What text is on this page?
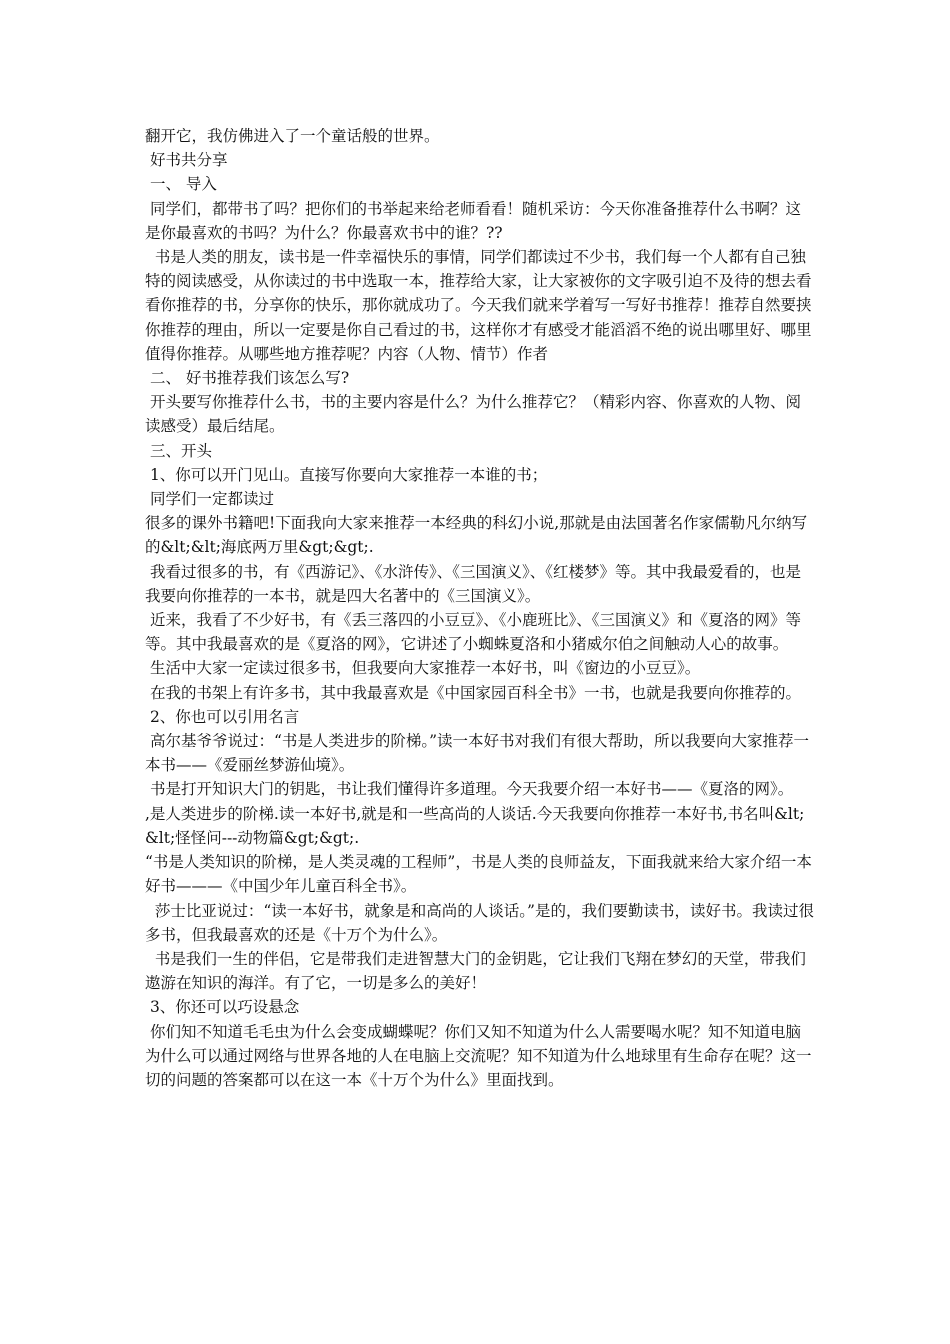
翻开它，我仿佛进入了一个童话般的世界。

好书共分享

一、 导入

同学们，都带书了吗？把你们的书举起来给老师看看！随机采访：今天你准备推荐什么书啊？这是你最喜欢的书吗？为什么？你最喜欢书中的谁？??

书是人类的朋友，读书是一件幸福快乐的事情，同学们都读过不少书，我们每一个人都有自己独特的阅读感受，从你读过的书中选取一本，推荐给大家，让大家被你的文字吸引迫不及待的想去看看你推荐的书，分享你的快乐，那你就成功了。今天我们就来学着写一写好书推荐！推荐自然要挟你推荐的理由，所以一定要是你自己看过的书，这样你才有感受才能滔滔不绝的说出哪里好、哪里值得你推荐。从哪些地方推荐呢？内容（人物、情节）作者

二、 好书推荐我们该怎么写?

开头要写你推荐什么书，书的主要内容是什么？为什么推荐它？（精彩内容、你喜欢的人物、阅读感受）最后结尾。

三、开头

1、你可以开门见山。直接写你要向大家推荐一本谁的书；

同学们一定都读过

很多的课外书籍吧!下面我向大家来推荐一本经典的科幻小说,那就是由法国著名作家儒勒凡尔纳写的&lt;&lt;海底两万里&gt;&gt;.

我看过很多的书，有《西游记》、《水浒传》、《三国演义》、《红楼梦》等。其中我最爱看的，也是我要向你推荐的一本书，就是四大名著中的《三国演义》。

近来，我看了不少好书，有《丢三落四的小豆豆》、《小鹿班比》、《三国演义》和《夏洛的网》等等。其中我最喜欢的是《夏洛的网》，它讲述了小蜘蛛夏洛和小猪威尔伯之间触动人心的故事。

生活中大家一定读过很多书，但我要向大家推荐一本好书，叫《窗边的小豆豆》。

在我的书架上有许多书，其中我最喜欢是《中国家园百科全书》一书，也就是我要向你推荐的。

2、你也可以引用名言

高尔基爷爷说过：“书是人类进步的阶梯。”读一本好书对我们有很大帮助，所以我要向大家推荐一本书——《爱丽丝梦游仙境》。

书是打开知识大门的钥匙，书让我们懂得许多道理。今天我要介绍一本好书——《夏洛的网》。

,是人类进步的阶梯.读一本好书,就是和一些高尚的人谈话.今天我要向你推荐一本好书,书名叫&lt;&lt;怪怪问---动物篇&gt;&gt;.

“书是人类知识的阶梯，是人类灵魂的工程师”，书是人类的良师益友，下面我就来给大家介绍一本好书———《中国少年儿童百科全书》。

莎士比亚说过：“读一本好书，就象是和高尚的人谈话。”是的，我们要勤读书，读好书。我读过很多书，但我最喜欢的还是《十万个为什么》。

书是我们一生的伴侣，它是带我们走进智慧大门的金钥匙，它让我们飞翔在梦幻的天堂，带我们遨游在知识的海洋。有了它，一切是多么的美好！

3、你还可以巧设悬念

你们知不知道毛毛虫为什么会变成蝴蝶呢？你们又知不知道为什么人需要喝水呢？知不知道电脑为什么可以通过网络与世界各地的人在电脑上交流呢？知不知道为什么地球里有生命存在呢？这一切的问题的答案都可以在这一本《十万个为什么》里面找到。
